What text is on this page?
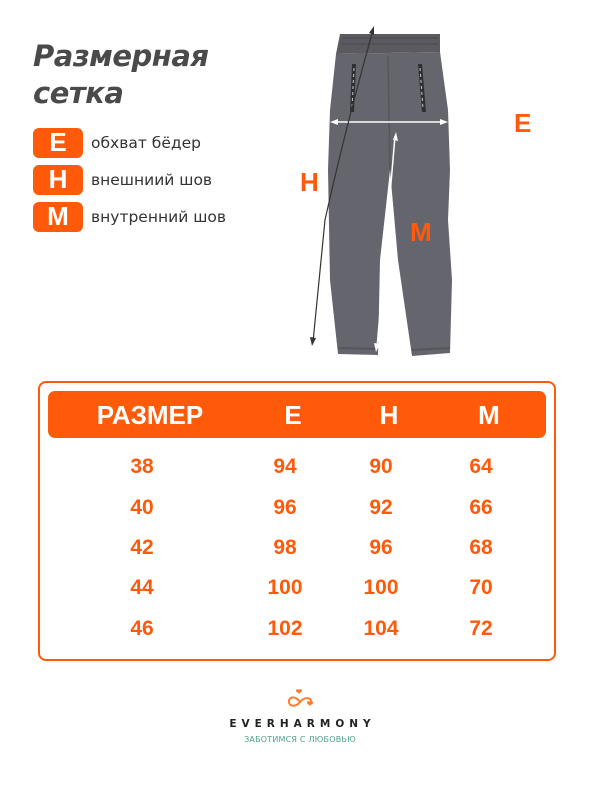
Размерная
сетка
E	обхват бёдер
H	внешниий шов
M	внутренний шов
E
H
M
РАЗМЕР	E	H	M
38	94	90	64
40	96	92	66
42	98	96	68
44	100	100	70
46	102	104	72
EVERHARMONY
ЗАБОТИМСЯ С ЛЮБОВЬЮ
